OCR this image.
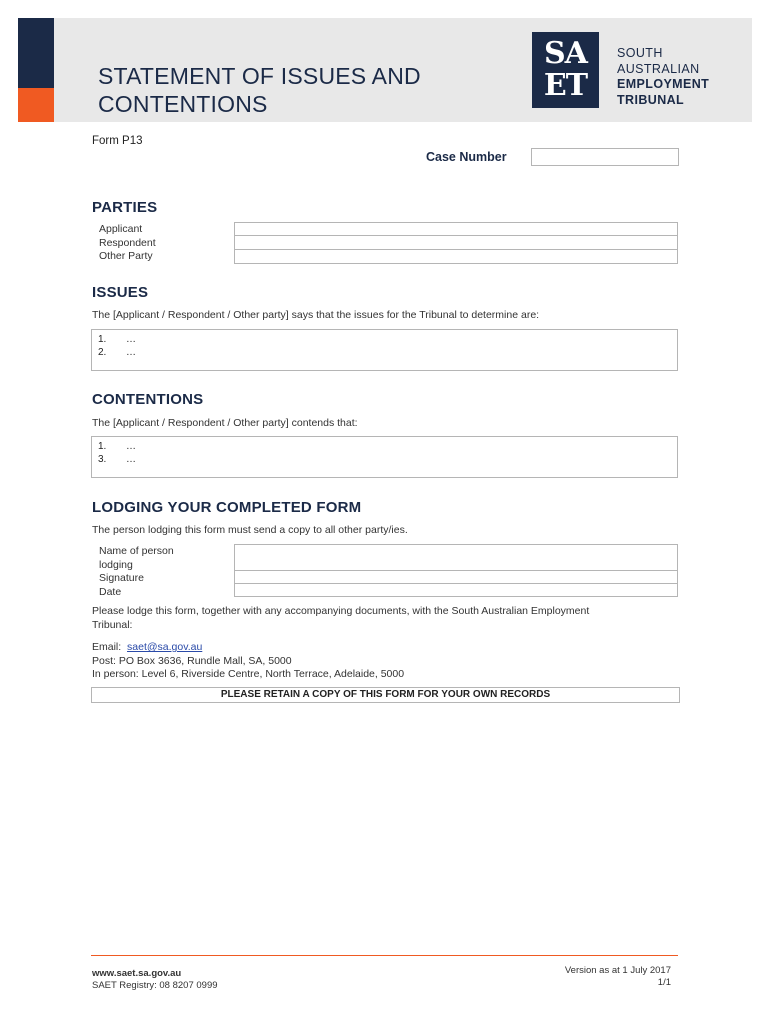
STATEMENT OF ISSUES AND
CONTENTIONS
SA
ET
SOUTH
AUSTRALIAN
EMPLOYMENT
TRIBUNAL
Form P13
Case Number
PARTIES
Applicant
Respondent
Other Party
ISSUES
The [Applicant / Respondent / Other party] says that the issues for the Tribunal to determine are:
1.	…
2.	…
CONTENTIONS
The [Applicant / Respondent / Other party] contends that:
1.	…
3.	…
LODGING YOUR COMPLETED FORM
The person lodging this form must send a copy to all other party/ies.
Name of person
lodging
Signature
Date
Please lodge this form, together with any accompanying documents, with the South Australian Employment
Tribunal:
Email: saet@sa.gov.au
Post: PO Box 3636, Rundle Mall, SA, 5000
In person: Level 6, Riverside Centre, North Terrace, Adelaide, 5000
PLEASE RETAIN A COPY OF THIS FORM FOR YOUR OWN RECORDS
www.saet.sa.gov.au
SAET Registry: 08 8207 0999
Version as at 1 July 2017
1/1
